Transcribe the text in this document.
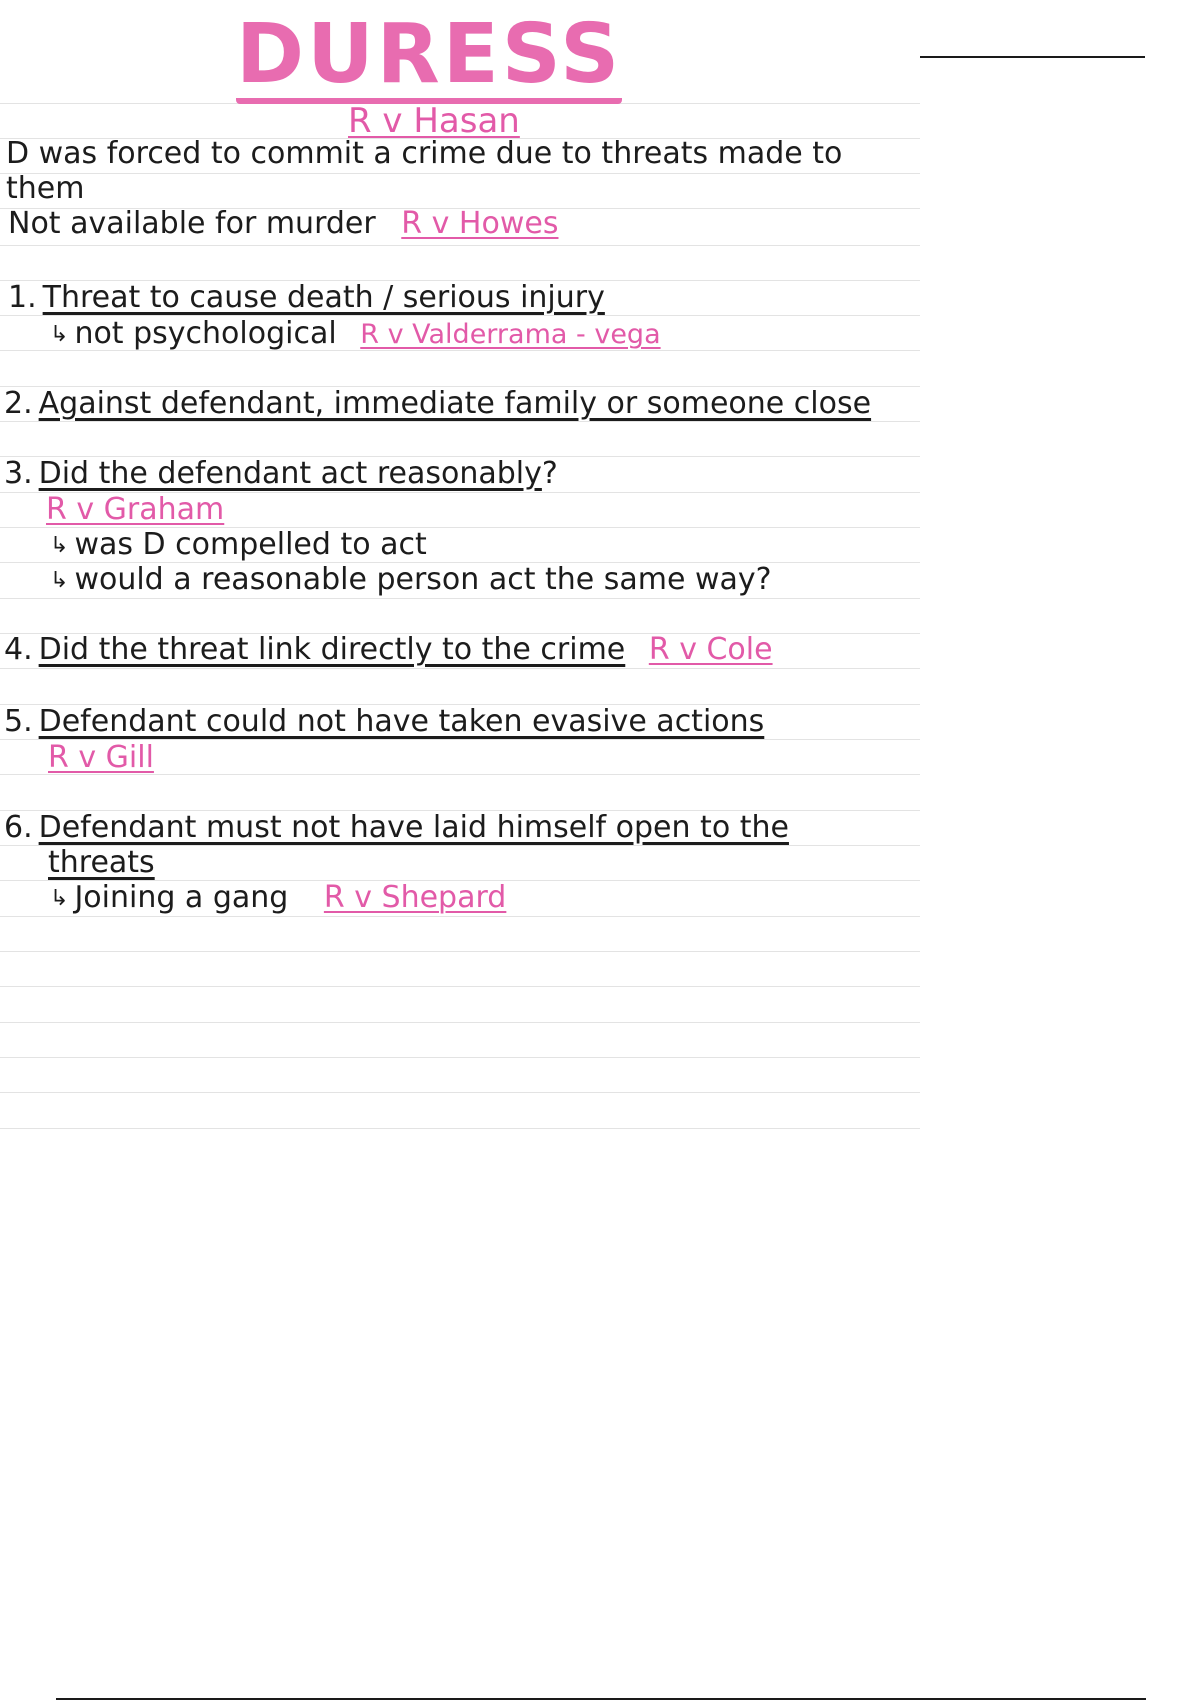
DURESS
R v Hasan
D was forced to commit a crime due to threats made to
them
Not available for murder R v Howes
1. Threat to cause death / serious injury
↳ not psychological R v Valderrama - vega
2. Against defendant, immediate family or someone close
3. Did the defendant act reasonably?
R v Graham
↳ was D compelled to act
↳ would a reasonable person act the same way?
4. Did the threat link directly to the crime R v Cole
5. Defendant could not have taken evasive actions
R v Gill
6. Defendant must not have laid himself open to the
threats
↳ Joining a gang R v Shepard
